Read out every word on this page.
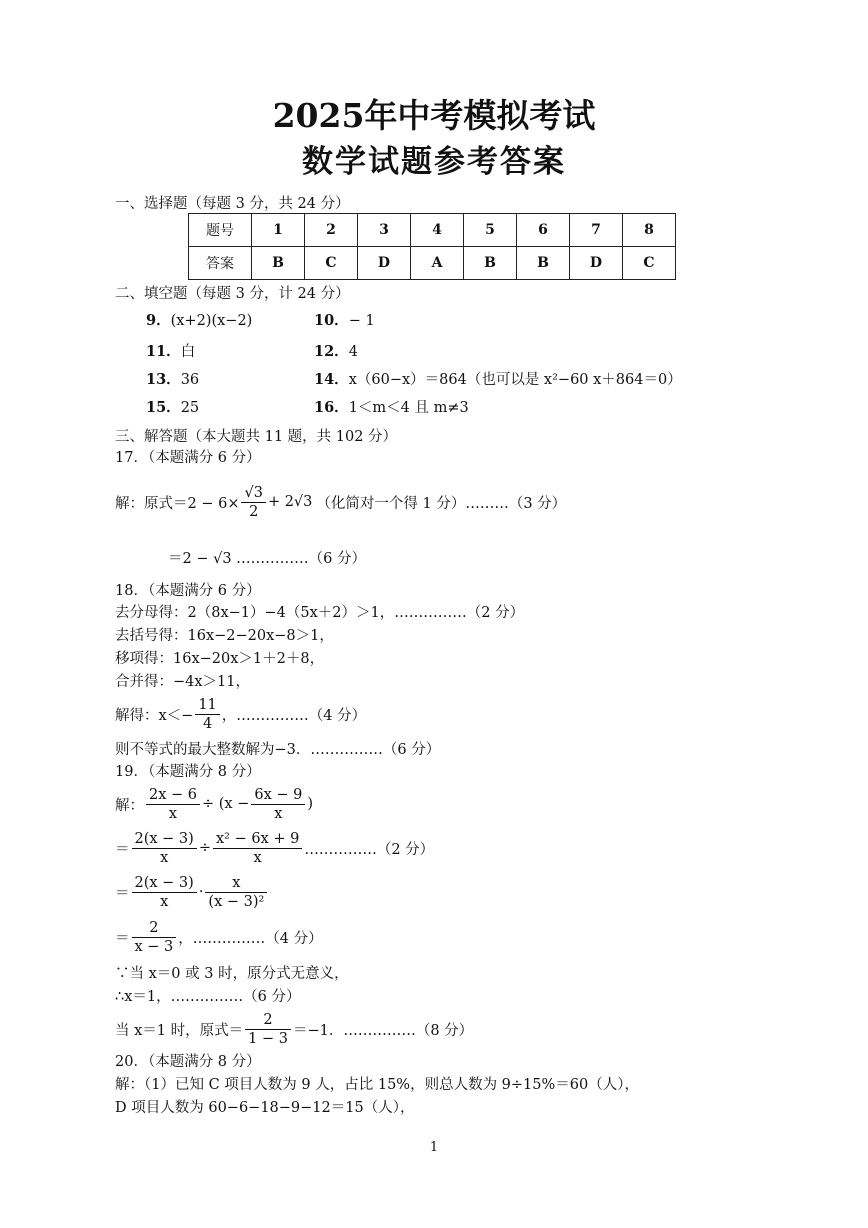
2025年中考模拟考试
数学试题参考答案
一、选择题（每题 3 分，共 24 分）
题号	1	2	3	4	5	6	7	8
答案	B	C	D	A	B	B	D	C
二、填空题（每题 3 分，计 24 分）
9．(x+2)(x−2)	10．− 1
11．白	12．4
13．36	14．x（60−x）＝864（也可以是 x²−60 x＋864＝0）
15．25	16．1＜m＜4 且 m≠3
三、解答题（本大题共 11 题，共 102 分）
17．（本题满分 6 分）
解：原式$=2 - 6\times \frac{√3}{2} + 2√3$ （化简对一个得 1 分）………（3 分）
＝2 − √3 ……………（6 分）
18．（本题满分 6 分）
去分母得：2（8x−1）−4（5x＋2）＞1，……………（2 分）
去括号得：16x−2−20x−8＞1，
移项得：16x−20x＞1＋2＋8，
合并得：−4x＞11，
解得：$x<- \frac{11}{4}$ ，……………（4 分）
则不等式的最大整数解为−3．……………（6 分）
19．（本题满分 8 分）
解： $\frac{2x - 6}{x} \div (x - \frac{6x - 9}{x}$ )
＝ $\frac{2(x - 3)}{x} \div \frac{\text{x² − 6x + 9}}{x}$ ……………（2 分）
＝ $\frac{2(x - 3)}{x} \cdot \frac{x}{\text{(x − 3)²}}$
＝ $\frac{2}{x - 3}$ ，……………（4 分）
∵当 x＝0 或 3 时，原分式无意义，
∴x＝1，……………（6 分）
当 x＝1 时，原式＝ $\frac{2}{1 - 3} =-1$．……………（8 分）
20．（本题满分 8 分）
解：（1）已知 C 项目人数为 9 人，占比 15%，则总人数为 9÷15%＝60（人），
D 项目人数为 60−6−18−9−12＝15（人），
1
